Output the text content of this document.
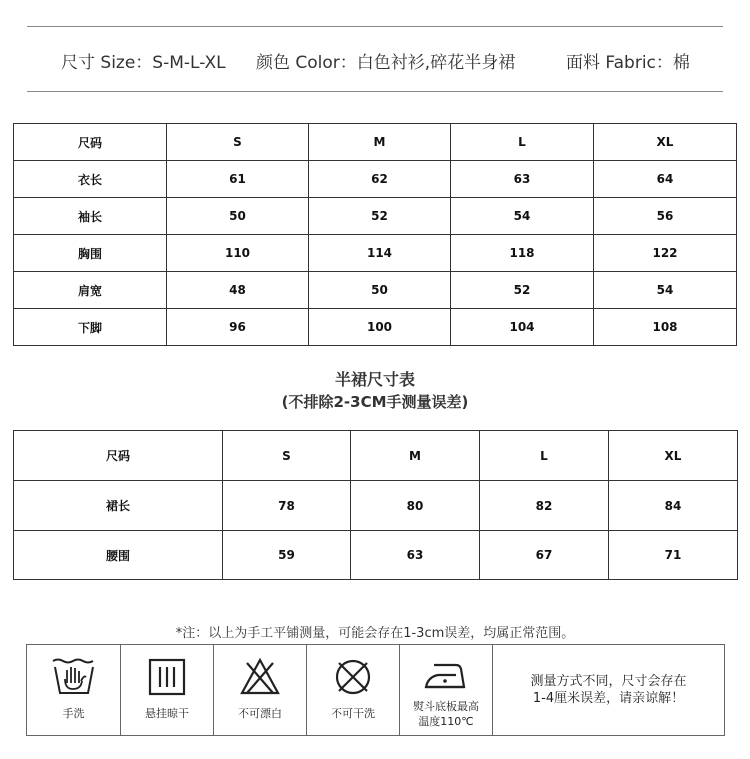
尺寸 Size：S-M-L-XL 颜色 Color：白色衬衫,碎花半身裙	面料 Fabric：棉
尺码	S	M	L	XL
衣长	61	62	63	64
袖长	50	52	54	56
胸围	110	114	118	122
肩宽	48	50	52	54
下脚	96	100	104	108
半裙尺寸表
(不排除2-3CM手测量误差)
尺码	S	M	L	XL
裙长	78	80	82	84
腰围	59	63	67	71
*注：以上为手工平铺测量，可能会存在1-3cm误差，均属正常范围。
手洗	悬挂晾干	不可漂白	不可干洗
熨斗底板最高
温度110℃
测量方式不同，尺寸会存在
1-4厘米误差，请亲谅解！
